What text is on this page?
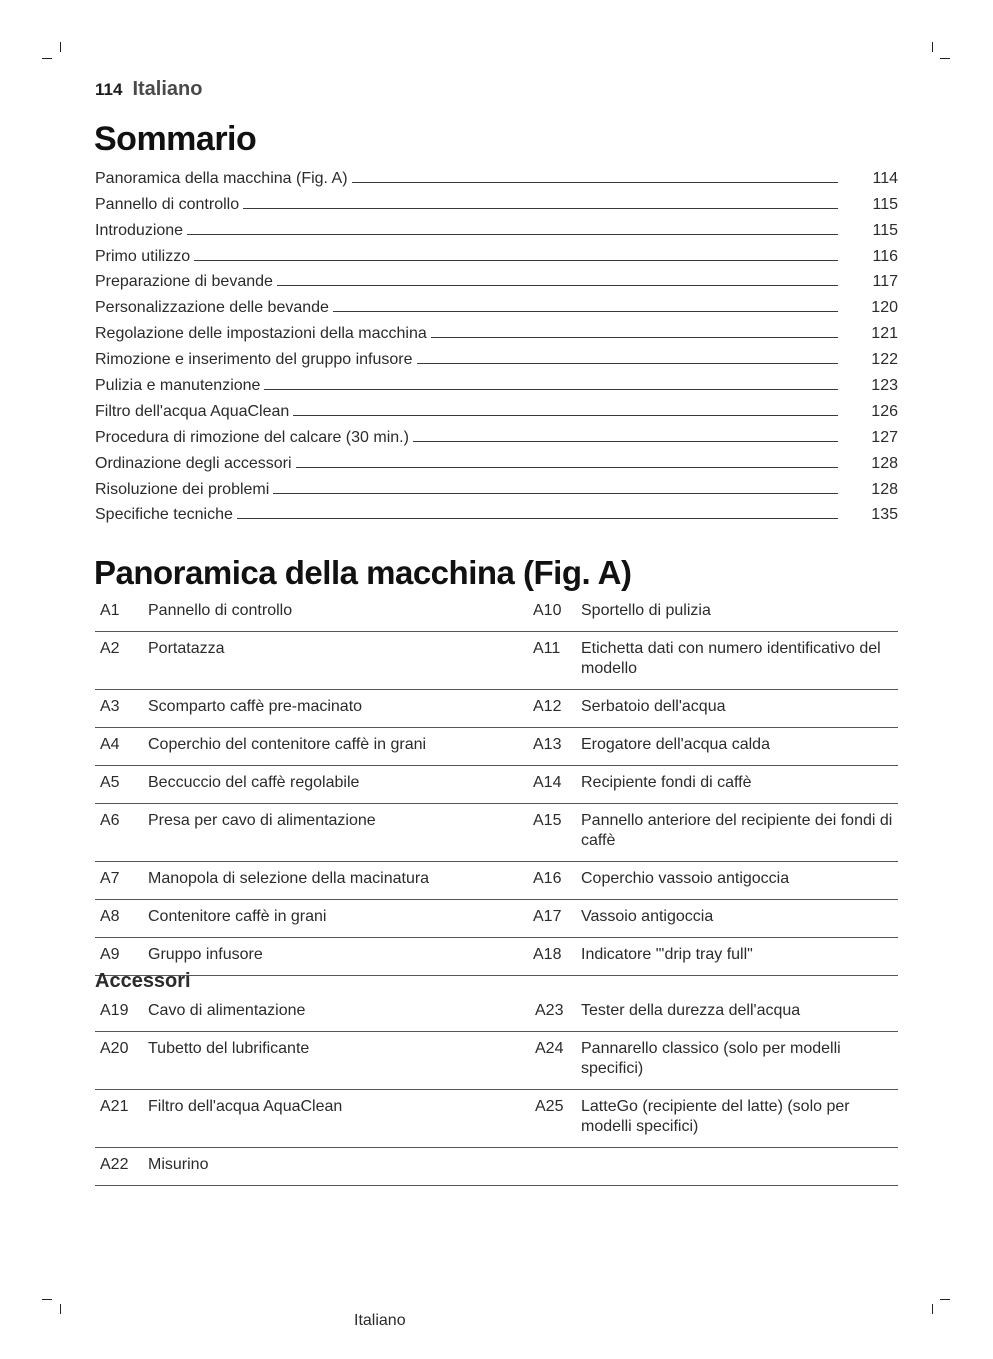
114 Italiano
Sommario
Panoramica della macchina (Fig. A)	114
Pannello di controllo	115
Introduzione	115
Primo utilizzo	116
Preparazione di bevande	117
Personalizzazione delle bevande	120
Regolazione delle impostazioni della macchina	121
Rimozione e inserimento del gruppo infusore	122
Pulizia e manutenzione	123
Filtro dell'acqua AquaClean	126
Procedura di rimozione del calcare (30 min.)	127
Ordinazione degli accessori	128
Risoluzione dei problemi	128
Specifiche tecniche	135
Panoramica della macchina (Fig. A)
A1	Pannello di controllo	A10	Sportello di pulizia
A2	Portatazza	A11	Etichetta dati con numero identificativo del modello
A3	Scomparto caffè pre-macinato	A12	Serbatoio dell'acqua
A4	Coperchio del contenitore caffè in grani	A13	Erogatore dell'acqua calda
A5	Beccuccio del caffè regolabile	A14	Recipiente fondi di caffè
A6	Presa per cavo di alimentazione	A15	Pannello anteriore del recipiente dei fondi di caffè
A7	Manopola di selezione della macinatura	A16	Coperchio vassoio antigoccia
A8	Contenitore caffè in grani	A17	Vassoio antigoccia
A9	Gruppo infusore	A18	Indicatore "'drip tray full"
Accessori
A19	Cavo di alimentazione	A23	Tester della durezza dell'acqua
A20	Tubetto del lubrificante	A24	Pannarello classico (solo per modelli specifici)
A21	Filtro dell'acqua AquaClean	A25	LatteGo (recipiente del latte) (solo per modelli specifici)
A22	Misurino		
Italiano
